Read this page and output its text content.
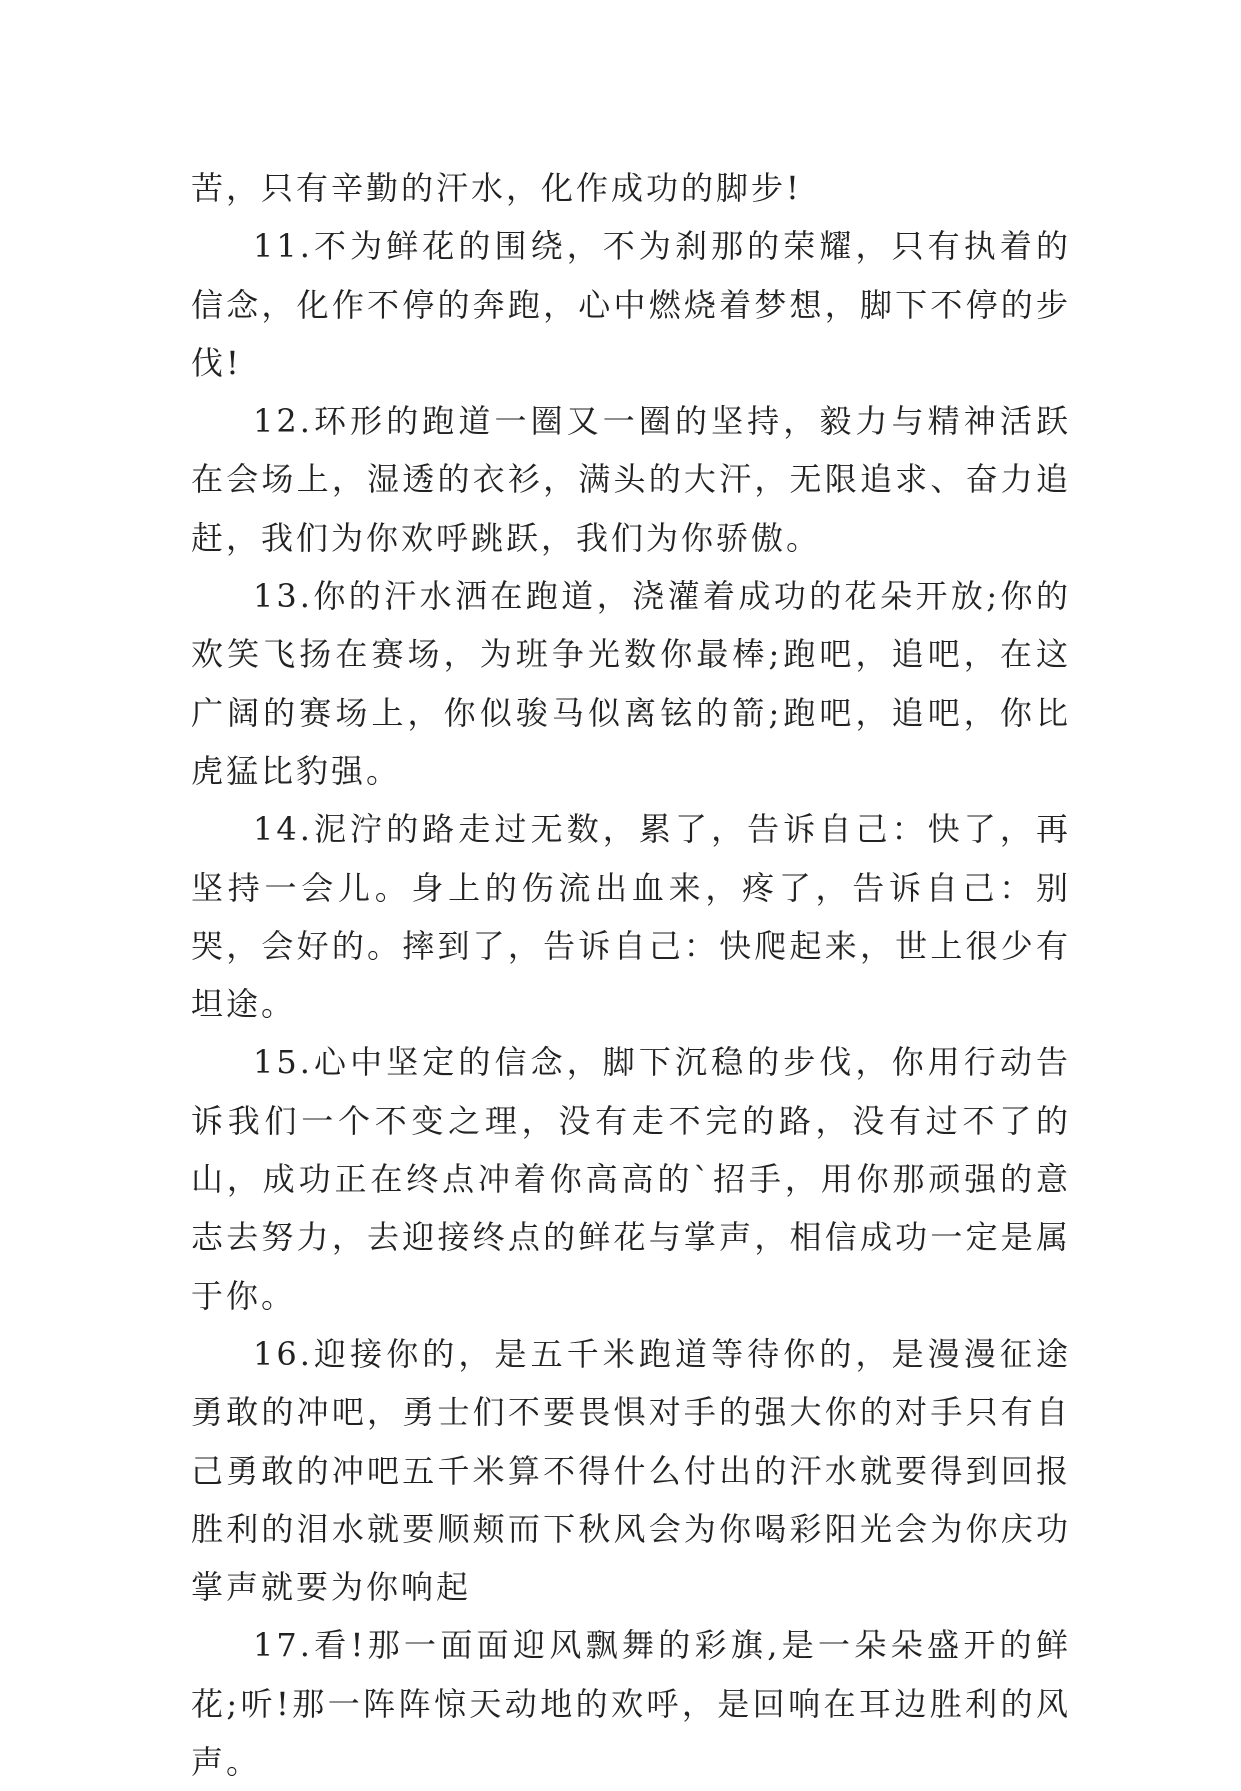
苦，只有辛勤的汗水，化作成功的脚步!

11.不为鲜花的围绕，不为刹那的荣耀，只有执着的信念，化作不停的奔跑，心中燃烧着梦想，脚下不停的步伐!

12.环形的跑道一圈又一圈的坚持，毅力与精神活跃在会场上，湿透的衣衫，满头的大汗，无限追求、奋力追赶，我们为你欢呼跳跃，我们为你骄傲。

13.你的汗水洒在跑道，浇灌着成功的花朵开放;你的欢笑飞扬在赛场，为班争光数你最棒;跑吧，追吧，在这广阔的赛场上，你似骏马似离铉的箭;跑吧，追吧，你比虎猛比豹强。

14.泥泞的路走过无数，累了，告诉自己：快了，再坚持一会儿。身上的伤流出血来，疼了，告诉自己：别哭，会好的。摔到了，告诉自己：快爬起来，世上很少有坦途。

15.心中坚定的信念，脚下沉稳的步伐，你用行动告诉我们一个不变之理，没有走不完的路，没有过不了的山，成功正在终点冲着你高高的`招手，用你那顽强的意志去努力，去迎接终点的鲜花与掌声，相信成功一定是属于你。

16.迎接你的，是五千米跑道等待你的，是漫漫征途勇敢的冲吧，勇士们不要畏惧对手的强大你的对手只有自己勇敢的冲吧五千米算不得什么付出的汗水就要得到回报胜利的泪水就要顺颊而下秋风会为你喝彩阳光会为你庆功掌声就要为你响起

17.看!那一面面迎风飘舞的彩旗,是一朵朵盛开的鲜花;听!那一阵阵惊天动地的欢呼，是回响在耳边胜利的风声。
